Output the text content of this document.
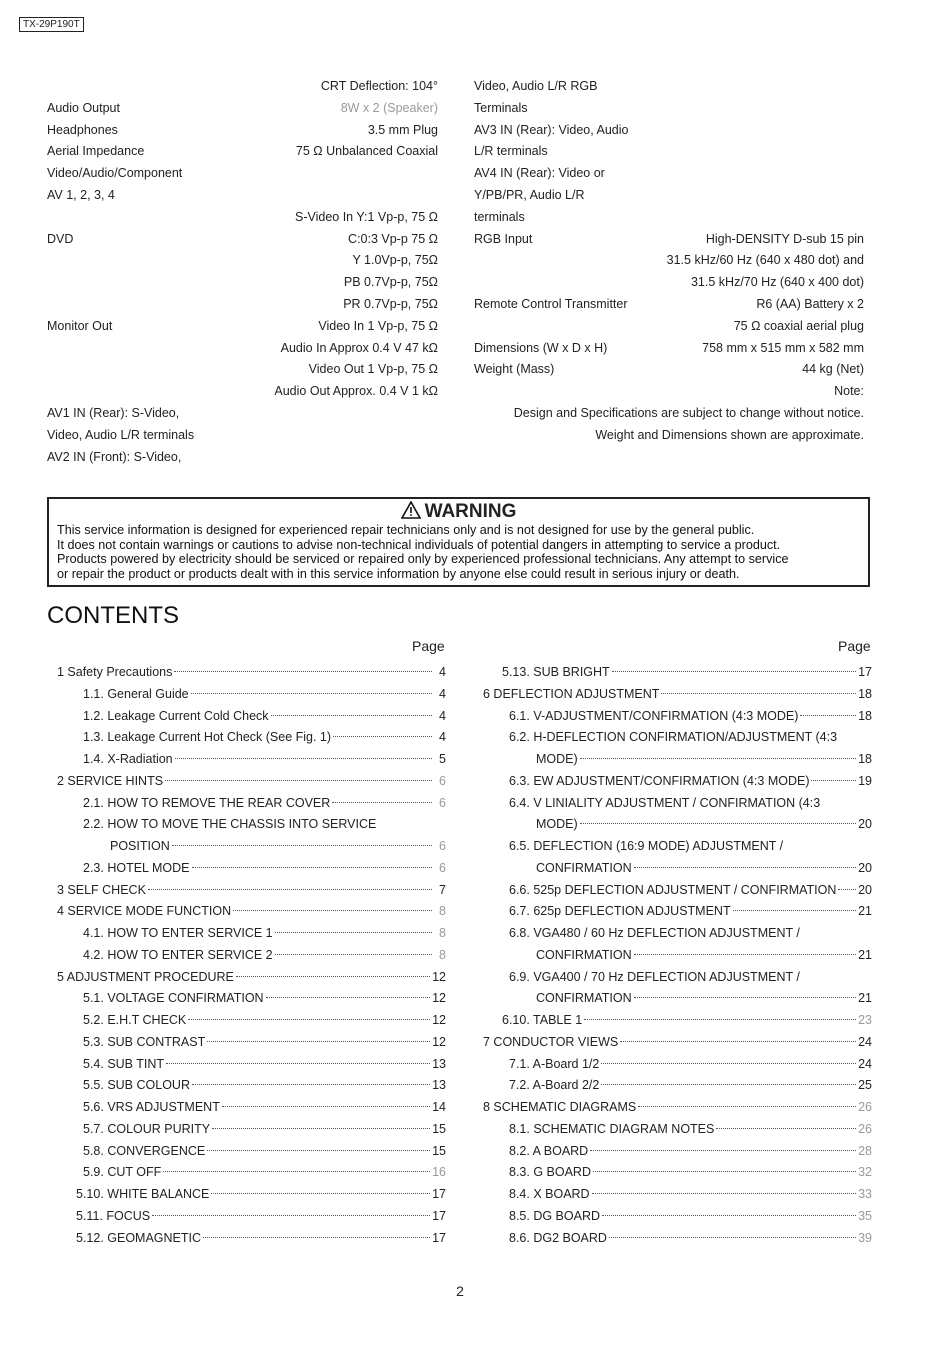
TX-29P190T
CRT Deflection: 104°
Audio Output	8W x 2 (Speaker)
Headphones	3.5 mm Plug
Aerial Impedance	75 Ω Unbalanced Coaxial
Video/Audio/Component
AV 1, 2, 3, 4
S-Video In Y:1 Vp-p, 75 Ω
DVD	C:0:3 Vp-p 75 Ω
Y 1.0Vp-p, 75Ω
PB 0.7Vp-p, 75Ω
PR 0.7Vp-p, 75Ω
Monitor Out	Video In 1 Vp-p, 75 Ω
Audio In Approx 0.4 V 47 kΩ
Video Out 1 Vp-p, 75 Ω
Audio Out Approx. 0.4 V 1 kΩ
AV1 IN (Rear): S-Video,
Video, Audio L/R terminals
AV2 IN (Front): S-Video,
Video, Audio L/R RGB
Terminals
AV3 IN (Rear): Video, Audio
L/R terminals
AV4 IN (Rear): Video or
Y/PB/PR, Audio L/R
terminals
RGB Input	High-DENSITY D-sub 15 pin
31.5 kHz/60 Hz (640 x 480 dot) and
31.5 kHz/70 Hz (640 x 400 dot)
Remote Control Transmitter	R6 (AA) Battery x 2
75 Ω coaxial aerial plug
Dimensions (W x D x H)	758 mm x 515 mm x 582 mm
Weight (Mass)	44 kg (Net)
Note:
Design and Specifications are subject to change without notice.
Weight and Dimensions shown are approximate.
WARNING
This service information is designed for experienced repair technicians only and is not designed for use by the general public.
It does not contain warnings or cautions to advise non-technical individuals of potential dangers in attempting to service a product.
Products powered by electricity should be serviced or repaired only by experienced professional technicians. Any attempt to service
or repair the product or products dealt with in this service information by anyone else could result in serious injury or death.
CONTENTS
Page	Page
1 Safety Precautions	4
1.1. General Guide	4
1.2. Leakage Current Cold Check	4
1.3. Leakage Current Hot Check (See Fig. 1)	4
1.4. X-Radiation	5
2 SERVICE HINTS	6
2.1. HOW TO REMOVE THE REAR COVER	6
2.2. HOW TO MOVE THE CHASSIS INTO SERVICE
POSITION	6
2.3. HOTEL MODE	6
3 SELF CHECK	7
4 SERVICE MODE FUNCTION	8
4.1. HOW TO ENTER SERVICE 1	8
4.2. HOW TO ENTER SERVICE 2	8
5 ADJUSTMENT PROCEDURE	12
5.1. VOLTAGE CONFIRMATION	12
5.2. E.H.T CHECK	12
5.3. SUB CONTRAST	12
5.4. SUB TINT	13
5.5. SUB COLOUR	13
5.6. VRS ADJUSTMENT	14
5.7. COLOUR PURITY	15
5.8. CONVERGENCE	15
5.9. CUT OFF	16
5.10. WHITE BALANCE	17
5.11. FOCUS	17
5.12. GEOMAGNETIC	17
5.13. SUB BRIGHT	17
6 DEFLECTION ADJUSTMENT	18
6.1. V-ADJUSTMENT/CONFIRMATION (4:3 MODE)	18
6.2. H-DEFLECTION CONFIRMATION/ADJUSTMENT (4:3
MODE)	18
6.3. EW ADJUSTMENT/CONFIRMATION (4:3 MODE)	19
6.4. V LINIALITY ADJUSTMENT / CONFIRMATION (4:3
MODE)	20
6.5. DEFLECTION (16:9 MODE) ADJUSTMENT /
CONFIRMATION	20
6.6. 525p DEFLECTION ADJUSTMENT / CONFIRMATION 20
6.7. 625p DEFLECTION ADJUSTMENT	21
6.8. VGA480 / 60 Hz DEFLECTION ADJUSTMENT /
CONFIRMATION	21
6.9. VGA400 / 70 Hz DEFLECTION ADJUSTMENT /
CONFIRMATION	21
6.10. TABLE 1	23
7 CONDUCTOR VIEWS	24
7.1. A-Board 1/2	24
7.2. A-Board 2/2	25
8 SCHEMATIC DIAGRAMS	26
8.1. SCHEMATIC DIAGRAM NOTES	26
8.2. A BOARD	28
8.3. G BOARD	32
8.4. X BOARD	33
8.5. DG BOARD	35
8.6. DG2 BOARD	39
2
